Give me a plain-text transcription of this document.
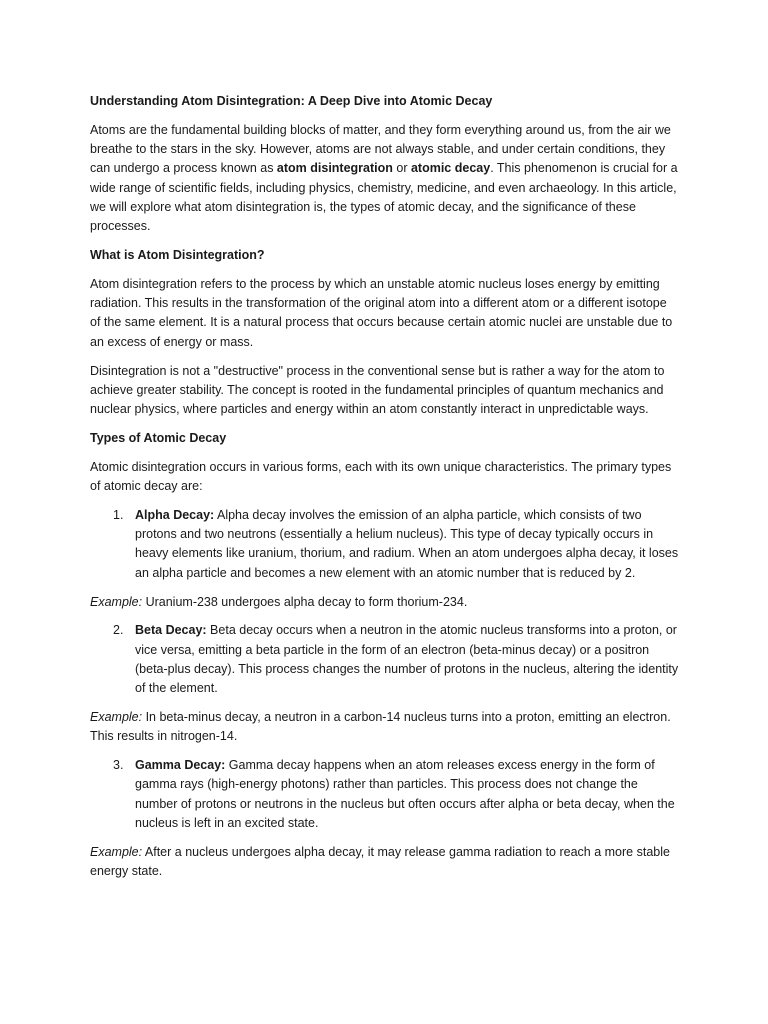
Understanding Atom Disintegration: A Deep Dive into Atomic Decay

Atoms are the fundamental building blocks of matter, and they form everything around us, from the air we breathe to the stars in the sky. However, atoms are not always stable, and under certain conditions, they can undergo a process known as atom disintegration or atomic decay. This phenomenon is crucial for a wide range of scientific fields, including physics, chemistry, medicine, and even archaeology. In this article, we will explore what atom disintegration is, the types of atomic decay, and the significance of these processes.

What is Atom Disintegration?

Atom disintegration refers to the process by which an unstable atomic nucleus loses energy by emitting radiation. This results in the transformation of the original atom into a different atom or a different isotope of the same element. It is a natural process that occurs because certain atomic nuclei are unstable due to an excess of energy or mass.

Disintegration is not a "destructive" process in the conventional sense but is rather a way for the atom to achieve greater stability. The concept is rooted in the fundamental principles of quantum mechanics and nuclear physics, where particles and energy within an atom constantly interact in unpredictable ways.

Types of Atomic Decay

Atomic disintegration occurs in various forms, each with its own unique characteristics. The primary types of atomic decay are:

1. Alpha Decay: Alpha decay involves the emission of an alpha particle, which consists of two protons and two neutrons (essentially a helium nucleus). This type of decay typically occurs in heavy elements like uranium, thorium, and radium. When an atom undergoes alpha decay, it loses an alpha particle and becomes a new element with an atomic number that is reduced by 2.

Example: Uranium-238 undergoes alpha decay to form thorium-234.

2. Beta Decay: Beta decay occurs when a neutron in the atomic nucleus transforms into a proton, or vice versa, emitting a beta particle in the form of an electron (beta-minus decay) or a positron (beta-plus decay). This process changes the number of protons in the nucleus, altering the identity of the element.

Example: In beta-minus decay, a neutron in a carbon-14 nucleus turns into a proton, emitting an electron. This results in nitrogen-14.

3. Gamma Decay: Gamma decay happens when an atom releases excess energy in the form of gamma rays (high-energy photons) rather than particles. This process does not change the number of protons or neutrons in the nucleus but often occurs after alpha or beta decay, when the nucleus is left in an excited state.

Example: After a nucleus undergoes alpha decay, it may release gamma radiation to reach a more stable energy state.
